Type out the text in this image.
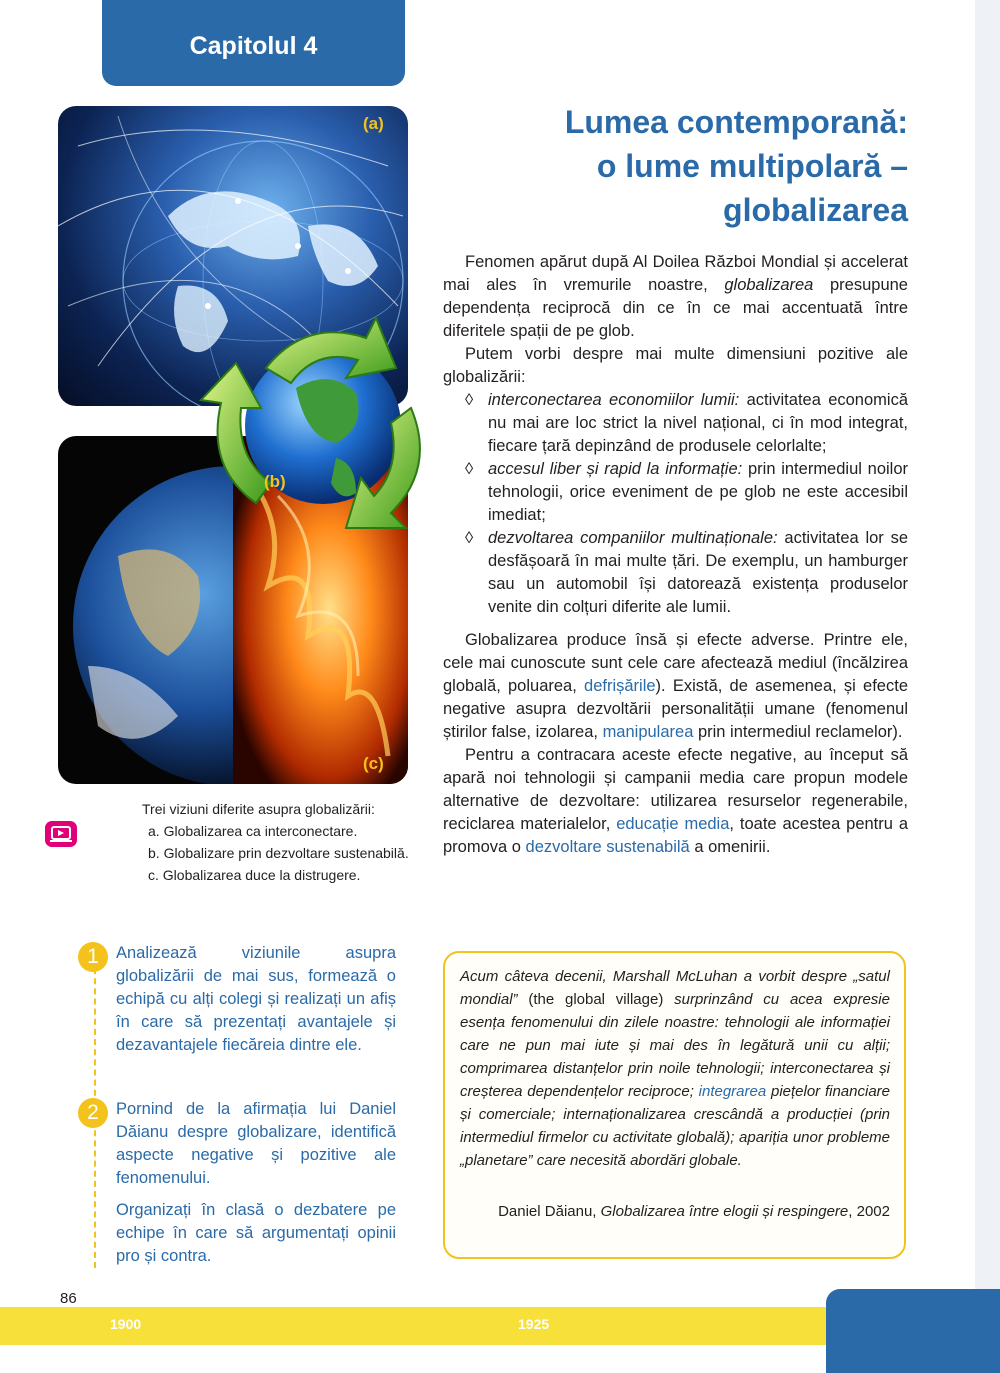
Capitolul 4
Lumea contemporană:
o lume multipolară –
globalizarea
(a)
(c)
(b)
Trei viziuni diferite asupra globalizării:
a. Globalizarea ca interconectare.
b. Globalizare prin dezvoltare sustenabilă.
c. Globalizarea duce la distrugere.

Fenomen apărut după Al Doilea Război Mondial și accelerat mai ales în vremurile noastre, globalizarea presupune dependența reciprocă din ce în ce mai accentuată între diferitele spații de pe glob.

Putem vorbi despre mai multe dimensiuni pozitive ale globalizării:

◊ interconectarea economiilor lumii: activitatea economică nu mai are loc strict la nivel național, ci în mod integrat, fiecare țară depinzând de produsele celorlalte;

◊ accesul liber și rapid la informație: prin intermediul noilor tehnologii, orice eveniment de pe glob ne este accesibil imediat;

◊ dezvoltarea companiilor multinaționale: activitatea lor se desfășoară în mai multe țări. De exemplu, un hamburger sau un automobil își datorează existența produselor venite din colțuri diferite ale lumii.

Globalizarea produce însă și efecte adverse. Printre ele, cele mai cunoscute sunt cele care afectează mediul (încălzirea globală, poluarea, defrișările). Există, de asemenea, și efecte negative asupra dezvoltării personalității umane (fenomenul știrilor false, izolarea, manipularea prin intermediul reclamelor).

Pentru a contracara aceste efecte negative, au început să apară noi tehnologii și campanii media care propun modele alternative de dezvoltare: utilizarea resurselor regenerabile, reciclarea materialelor, educație media, toate acestea pentru a promova o dezvoltare sustenabilă a omenirii.

1	Analizează viziunile asupra globalizării de mai sus, formează o echipă cu alți colegi și realizați un afiș în care să prezentați avantajele și dezavantajele fiecăreia dintre ele.
2	Pornind de la afirmația lui Daniel Dăianu despre globalizare, identifică aspecte negative și pozitive ale fenomenului.
Organizați în clasă o dezbatere pe echipe în care să argumentați opinii pro și contra.
Acum câteva decenii, Marshall McLuhan a vorbit despre „satul mondial” (the global village) surprinzând cu acea expresie esența fenomenului din zilele noastre: tehnologii ale informației care ne pun mai iute și mai des în legătură unii cu alții; comprimarea distanțelor prin noile tehnologii; interconectarea și creșterea dependențelor reciproce; integrarea piețelor financiare și comerciale; internaționalizarea crescândă a producției (prin intermediul firmelor cu activitate globală); apariția unor probleme „planetare” care necesită abordări globale.
Daniel Dăianu, Globalizarea între elogii și respingere, 2002
86
1900	1925
